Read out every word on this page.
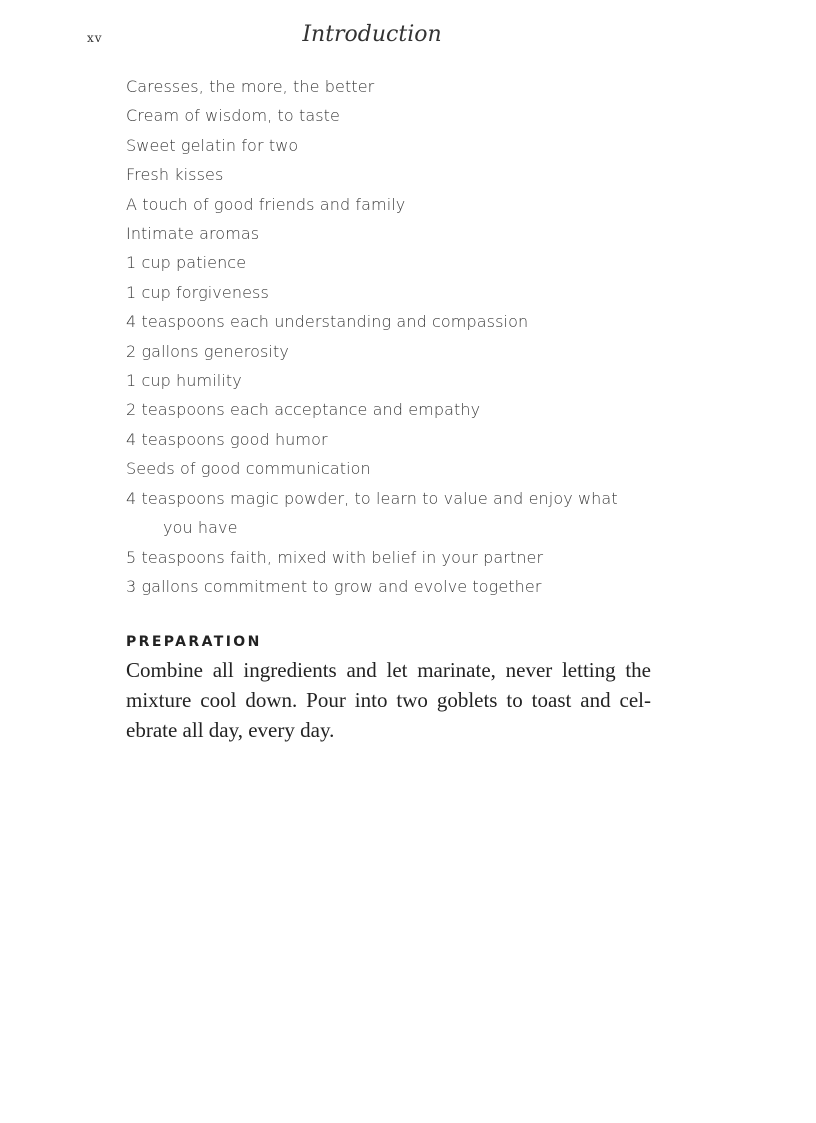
xv	Introduction
Caresses, the more, the better
Cream of wisdom, to taste
Sweet gelatin for two
Fresh kisses
A touch of good friends and family
Intimate aromas
1 cup patience
1 cup forgiveness
4 teaspoons each understanding and compassion
2 gallons generosity
1 cup humility
2 teaspoons each acceptance and empathy
4 teaspoons good humor
Seeds of good communication
4 teaspoons magic powder, to learn to value and enjoy what
you have
5 teaspoons faith, mixed with belief in your partner
3 gallons commitment to grow and evolve together
PREPARATION

Combine all ingredients and let marinate, never letting the mixture cool down. Pour into two goblets to toast and cel-ebrate all day, every day.
